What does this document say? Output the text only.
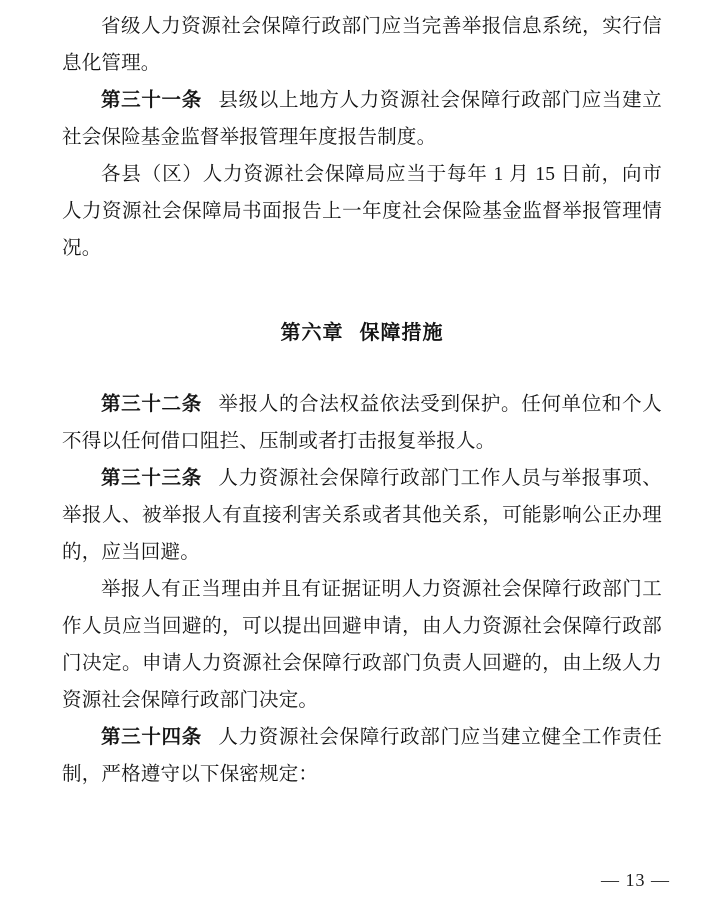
省级人力资源社会保障行政部门应当完善举报信息系统，实行信息化管理。

第三十一条 县级以上地方人力资源社会保障行政部门应当建立社会保险基金监督举报管理年度报告制度。

各县（区）人力资源社会保障局应当于每年 1 月 15 日前，向市人力资源社会保障局书面报告上一年度社会保险基金监督举报管理情况。

第六章 保障措施

第三十二条 举报人的合法权益依法受到保护。任何单位和个人不得以任何借口阻拦、压制或者打击报复举报人。

第三十三条 人力资源社会保障行政部门工作人员与举报事项、举报人、被举报人有直接利害关系或者其他关系，可能影响公正办理的，应当回避。

举报人有正当理由并且有证据证明人力资源社会保障行政部门工作人员应当回避的，可以提出回避申请，由人力资源社会保障行政部门决定。申请人力资源社会保障行政部门负责人回避的，由上级人力资源社会保障行政部门决定。

第三十四条 人力资源社会保障行政部门应当建立健全工作责任制，严格遵守以下保密规定：

— 13 —
